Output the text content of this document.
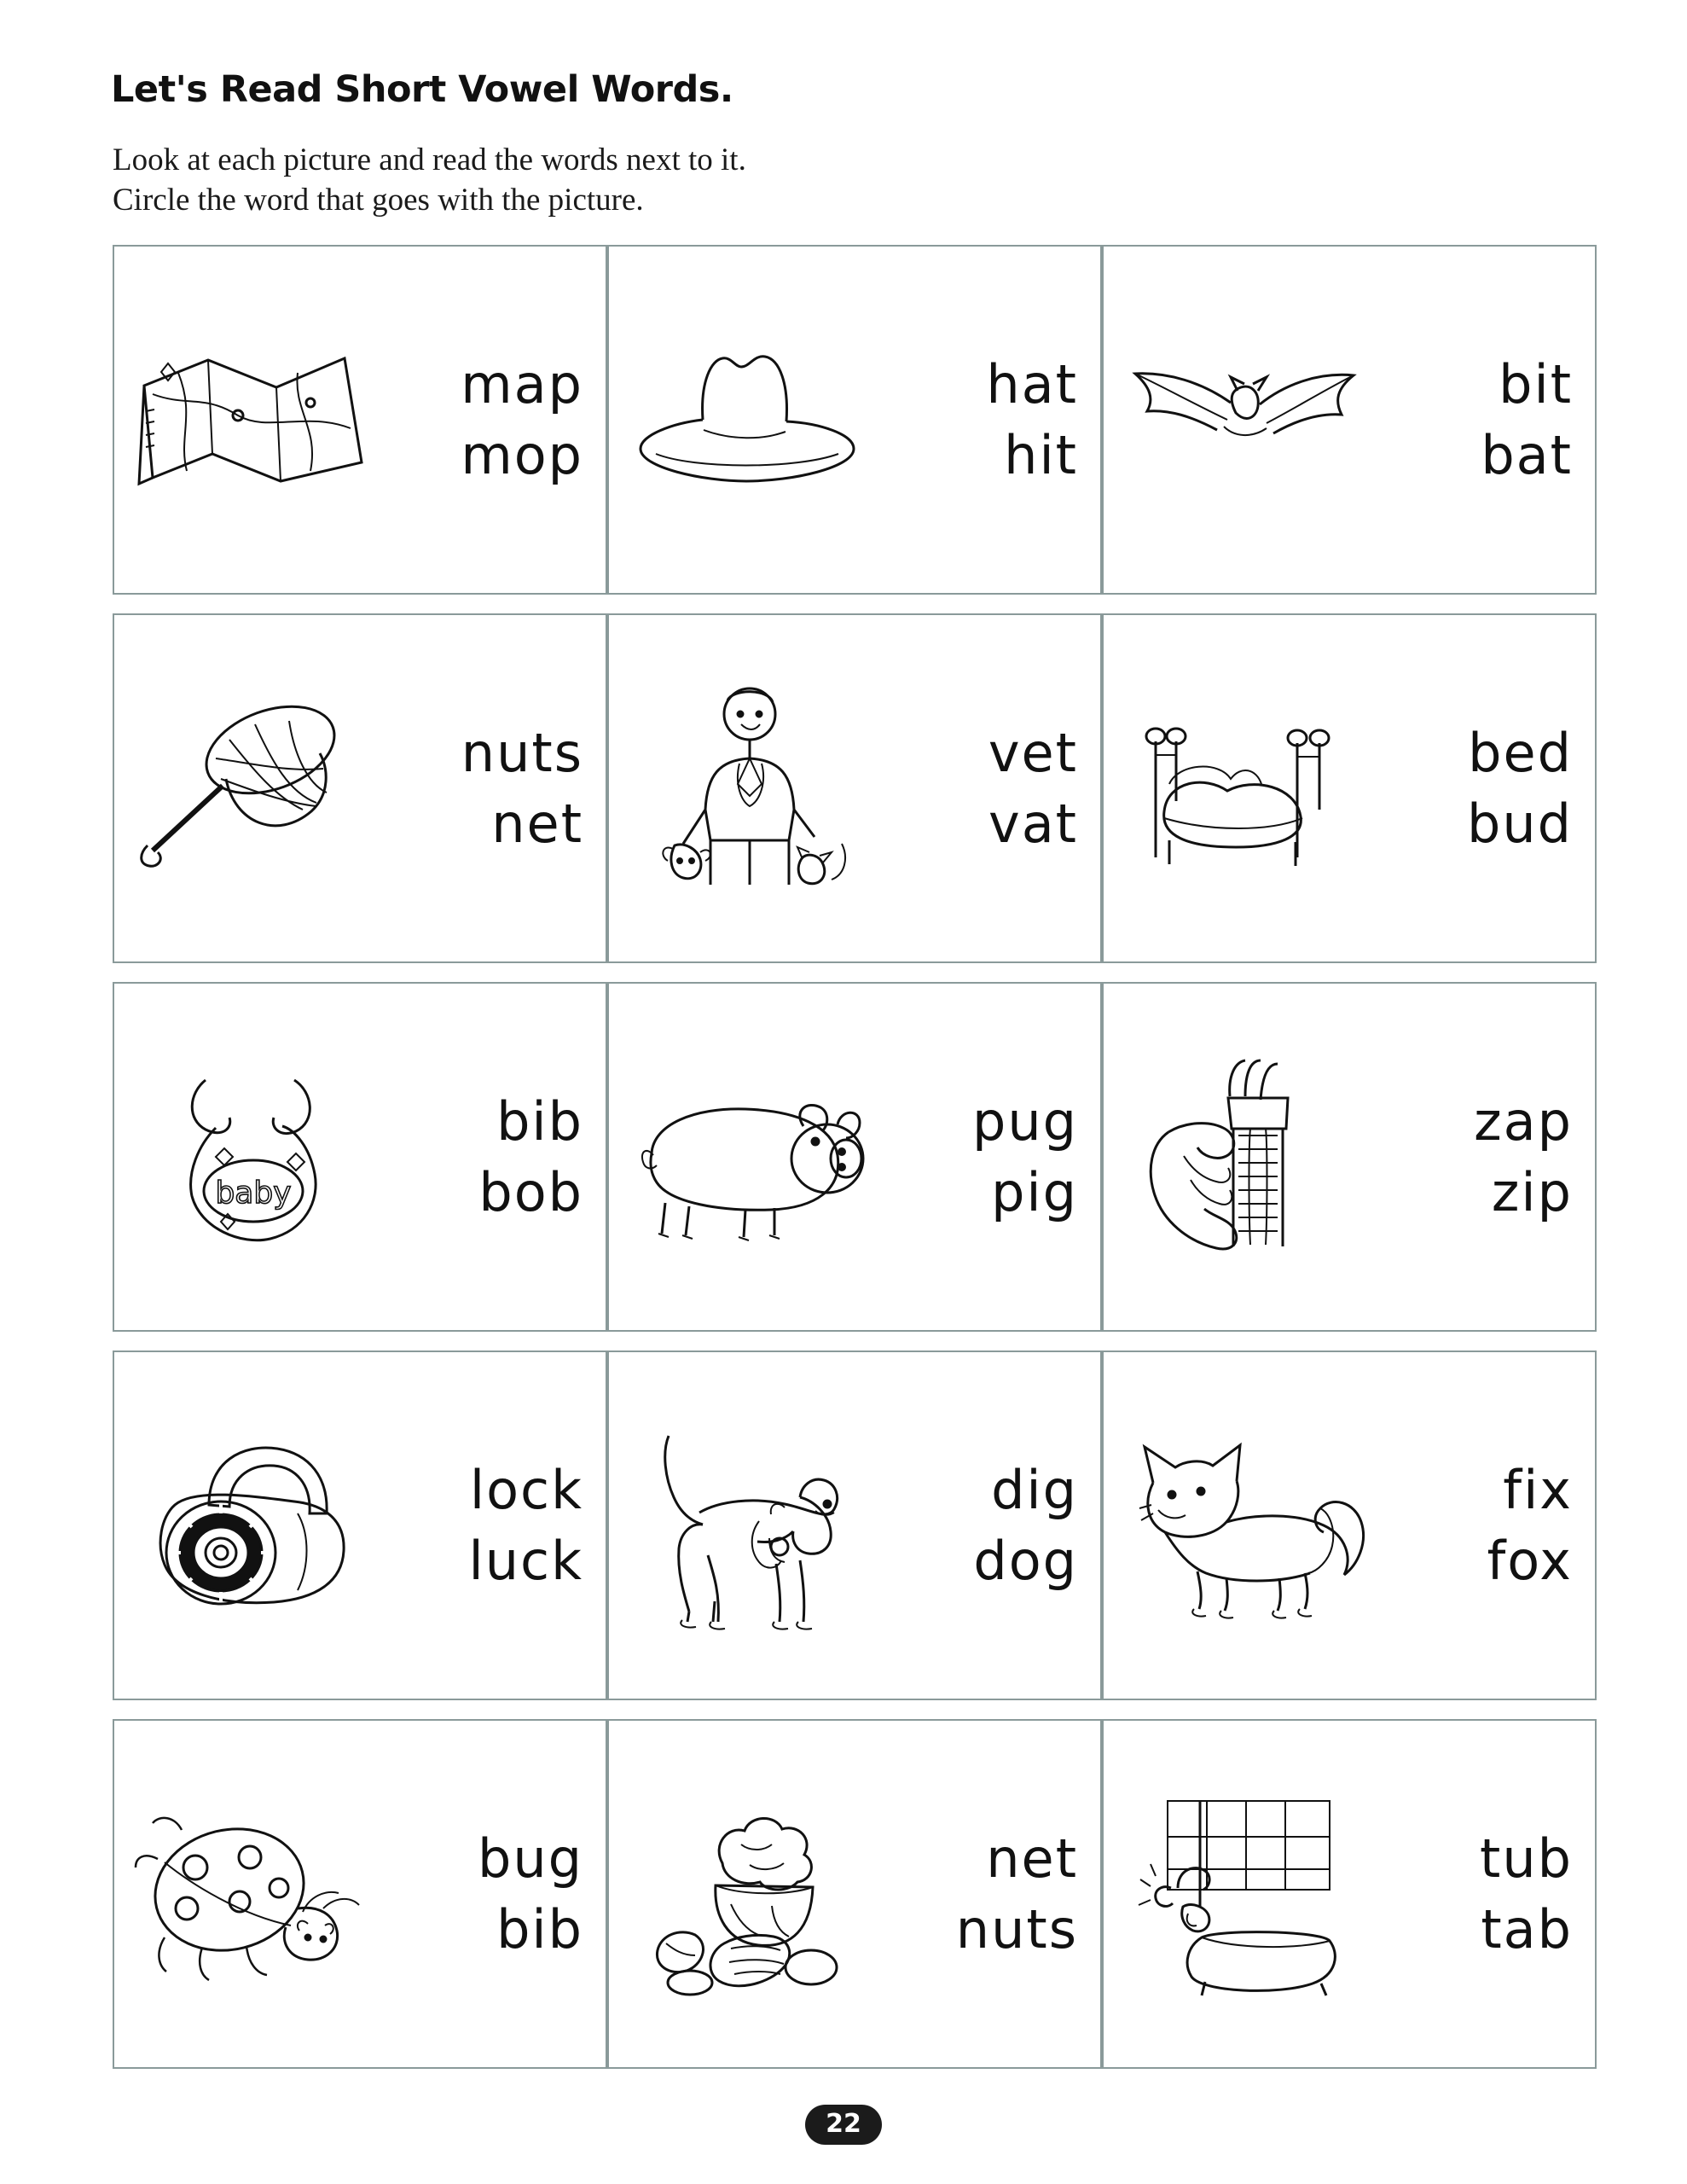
Let's Read Short Vowel Words.
Look at each picture and read the words next to it.
Circle the word that goes with the picture.
map
mop
hat
hit
bit
bat
nuts
net
vet
vat
bed
bud
baby
bib
bob
pug
pig
zap
zip
lock
luck
dig
dog
fix
fox
bug
bib
net
nuts
tub
tab
22
